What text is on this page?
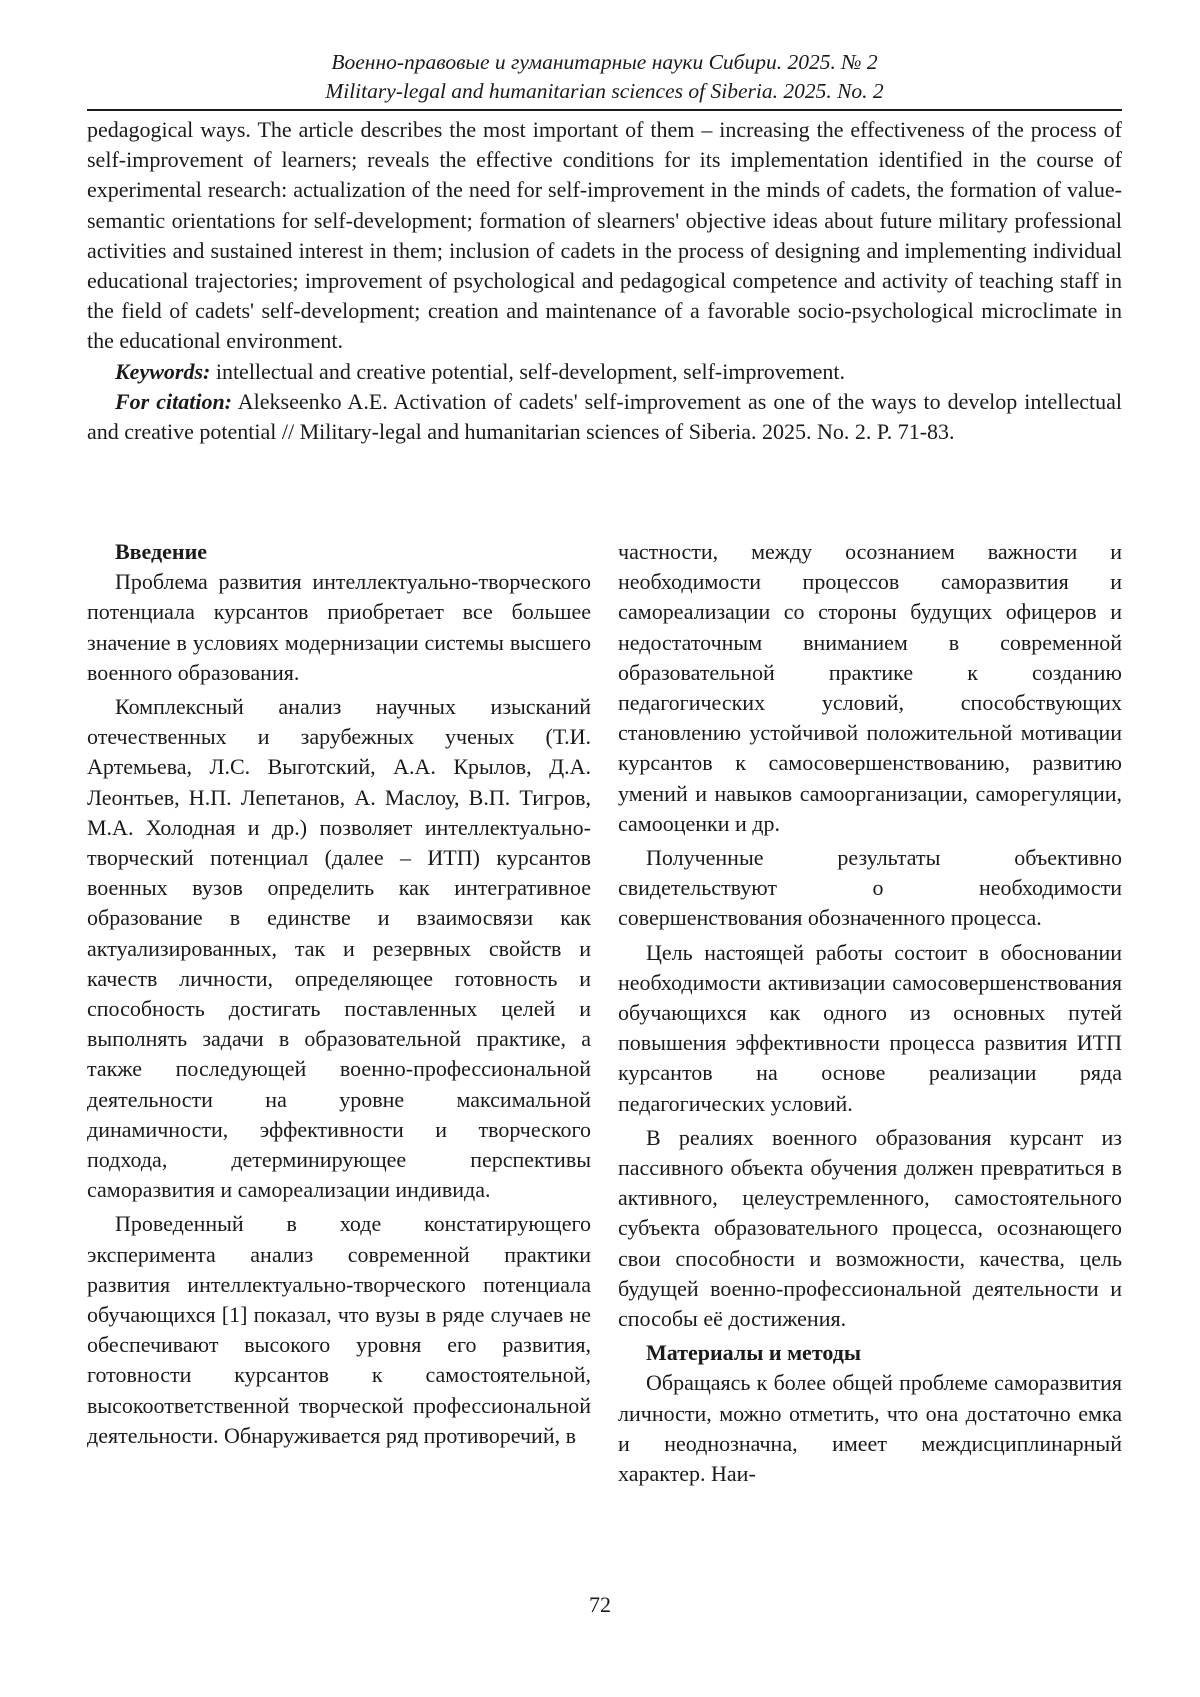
Военно-правовые и гуманитарные науки Сибири. 2025. № 2
Military-legal and humanitarian sciences of Siberia. 2025. No. 2

pedagogical ways. The article describes the most important of them – increasing the effectiveness of the process of self-improvement of learners; reveals the effective conditions for its implementation identified in the course of experimental research: actualization of the need for self-improvement in the minds of cadets, the formation of value-semantic orientations for self-development; formation of slearners' objective ideas about future military professional activities and sustained interest in them; inclusion of cadets in the process of designing and implementing individual educational trajectories; improvement of psychological and pedagogical competence and activity of teaching staff in the field of cadets' self-development; creation and maintenance of a favorable socio-psychological microclimate in the educational environment.

Keywords: intellectual and creative potential, self-development, self-improvement.

For citation: Alekseenko A.E. Activation of cadets' self-improvement as one of the ways to develop intellectual and creative potential // Military-legal and humanitarian sciences of Siberia. 2025. No. 2. P. 71-83.

Введение

Проблема развития интеллектуально-творческого потенциала курсантов приобретает все большее значение в условиях модернизации системы высшего военного образования.

Комплексный анализ научных изысканий отечественных и зарубежных ученых (Т.И. Артемьева, Л.С. Выготский, А.А. Крылов, Д.А. Леонтьев, Н.П. Лепетанов, А. Маслоу, В.П. Тигров, М.А. Холодная и др.) позволяет интеллектуально-творческий потенциал (далее – ИТП) курсантов военных вузов определить как интегративное образование в единстве и взаимосвязи как актуализированных, так и резервных свойств и качеств личности, определяющее готовность и способность достигать поставленных целей и выполнять задачи в образовательной практике, а также последующей военно-профессиональной деятельности на уровне максимальной динамичности, эффективности и творческого подхода, детерминирующее перспективы саморазвития и самореализации индивида.

Проведенный в ходе констатирующего эксперимента анализ современной практики развития интеллектуально-творческого потенциала обучающихся [1] показал, что вузы в ряде случаев не обеспечивают высокого уровня его развития, готовности курсантов к самостоятельной, высокоответственной творческой профессиональной деятельности. Обнаруживается ряд противоречий, в

частности, между осознанием важности и необходимости процессов саморазвития и самореализации со стороны будущих офицеров и недостаточным вниманием в современной образовательной практике к созданию педагогических условий, способствующих становлению устойчивой положительной мотивации курсантов к самосовершенствованию, развитию умений и навыков самоорганизации, саморегуляции, самооценки и др.

Полученные результаты объективно свидетельствуют о необходимости совершенствования обозначенного процесса.

Цель настоящей работы состоит в обосновании необходимости активизации самосовершенствования обучающихся как одного из основных путей повышения эффективности процесса развития ИТП курсантов на основе реализации ряда педагогических условий.

В реалиях военного образования курсант из пассивного объекта обучения должен превратиться в активного, целеустремленного, самостоятельного субъекта образовательного процесса, осознающего свои способности и возможности, качества, цель будущей военно-профессиональной деятельности и способы её достижения.

Материалы и методы

Обращаясь к более общей проблеме саморазвития личности, можно отметить, что она достаточно емка и неоднозначна, имеет междисциплинарный характер. Наи-

72
